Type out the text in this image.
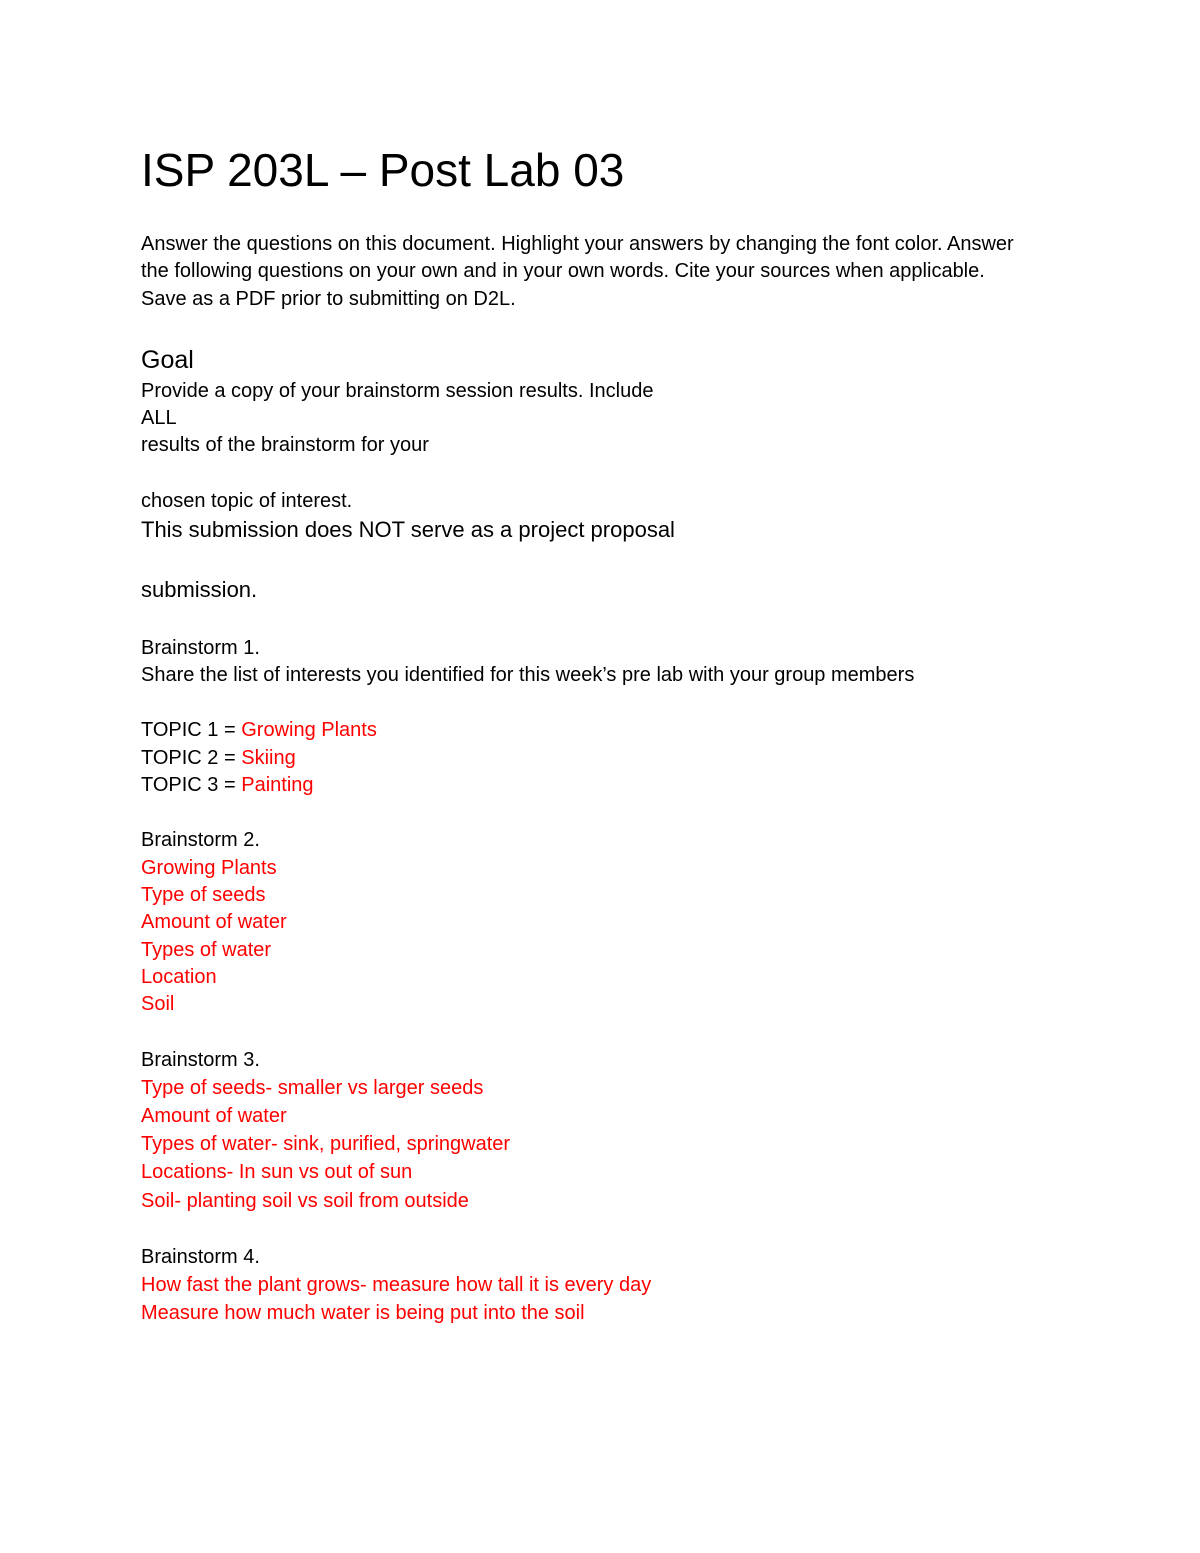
ISP 203L – Post Lab 03
Answer the questions on this document. Highlight your answers by changing the font color. Answer
the following questions on your own and in your own words. Cite your sources when applicable.
Save as a PDF prior to submitting on D2L.
Goal
Provide a copy of your brainstorm session results. Include
ALL
results of the brainstorm for your
chosen topic of interest.
This submission does NOT serve as a project proposal
submission.
Brainstorm 1.
Share the list of interests you identified for this week’s pre lab with your group members
TOPIC 1 = Growing Plants
TOPIC 2 = Skiing
TOPIC 3 = Painting
Brainstorm 2.
Growing Plants
Type of seeds
Amount of water
Types of water
Location
Soil
Brainstorm 3.
Type of seeds- smaller vs larger seeds
Amount of water
Types of water- sink, purified, springwater
Locations- In sun vs out of sun
Soil- planting soil vs soil from outside
Brainstorm 4.
How fast the plant grows- measure how tall it is every day
Measure how much water is being put into the soil
